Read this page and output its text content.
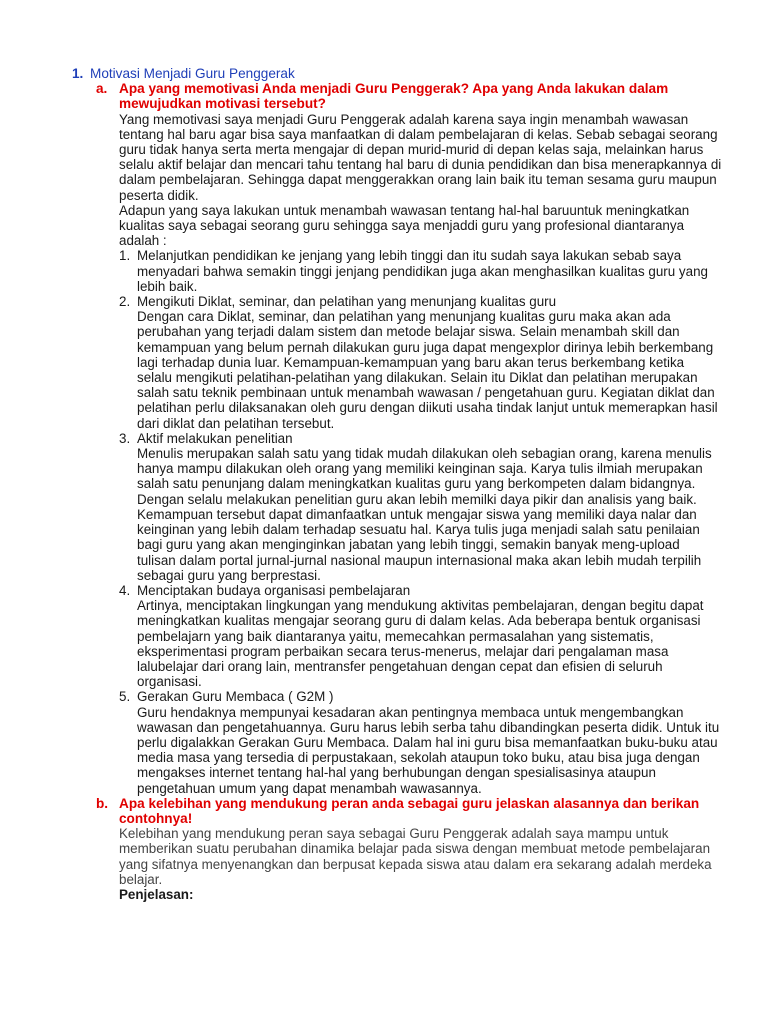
1. Motivasi Menjadi Guru Penggerak
a. Apa yang memotivasi Anda menjadi Guru Penggerak? Apa yang Anda lakukan dalam mewujudkan motivasi tersebut?
Yang memotivasi saya menjadi Guru Penggerak adalah karena saya ingin menambah wawasan tentang hal baru agar bisa saya manfaatkan di dalam pembelajaran di kelas. Sebab sebagai seorang guru tidak hanya serta merta mengajar di depan murid-murid di depan kelas saja, melainkan harus selalu aktif belajar dan mencari tahu tentang hal baru di dunia pendidikan dan bisa menerapkannya di dalam pembelajaran. Sehingga dapat menggerakkan orang lain baik itu teman sesama guru maupun peserta didik.
Adapun yang saya lakukan untuk menambah wawasan tentang hal-hal baruuntuk meningkatkan kualitas saya sebagai seorang guru sehingga saya menjaddi guru yang profesional diantaranya adalah :
1. Melanjutkan pendidikan ke jenjang yang lebih tinggi dan itu sudah saya lakukan sebab saya menyadari bahwa semakin tinggi jenjang pendidikan juga akan menghasilkan kualitas guru yang lebih baik.
2. Mengikuti Diklat, seminar, dan pelatihan yang menunjang kualitas guru
Dengan cara Diklat, seminar, dan pelatihan yang menunjang kualitas guru maka akan ada perubahan yang terjadi dalam sistem dan metode belajar siswa. Selain menambah skill dan kemampuan yang belum pernah dilakukan guru juga dapat mengexplor dirinya lebih berkembang lagi terhadap dunia luar. Kemampuan-kemampuan yang baru akan terus berkembang ketika selalu mengikuti pelatihan-pelatihan yang dilakukan. Selain itu Diklat dan pelatihan merupakan salah satu teknik pembinaan untuk menambah wawasan / pengetahuan guru. Kegiatan diklat dan pelatihan perlu dilaksanakan oleh guru dengan diikuti usaha tindak lanjut untuk memerapkan hasil dari diklat dan pelatihan tersebut.
3. Aktif melakukan penelitian
Menulis merupakan salah satu yang tidak mudah dilakukan oleh sebagian orang, karena menulis hanya mampu dilakukan oleh orang yang memiliki keinginan saja. Karya tulis ilmiah merupakan salah satu penunjang dalam meningkatkan kualitas guru yang berkompeten dalam bidangnya. Dengan selalu melakukan penelitian guru akan lebih memilki daya pikir dan analisis yang baik. Kemampuan tersebut dapat dimanfaatkan untuk mengajar siswa yang memiliki daya nalar dan keinginan yang lebih dalam terhadap sesuatu hal. Karya tulis juga menjadi salah satu penilaian bagi guru yang akan menginginkan jabatan yang lebih tinggi, semakin banyak meng-upload tulisan dalam portal jurnal-jurnal nasional maupun internasional maka akan lebih mudah terpilih sebagai guru yang berprestasi.
4. Menciptakan budaya organisasi pembelajaran
Artinya, menciptakan lingkungan yang mendukung aktivitas pembelajaran, dengan begitu dapat meningkatkan kualitas mengajar seorang guru di dalam kelas. Ada beberapa bentuk organisasi pembelajarn yang baik diantaranya yaitu, memecahkan permasalahan yang sistematis, eksperimentasi program perbaikan secara terus-menerus, melajar dari pengalaman masa lalubelajar dari orang lain, mentransfer pengetahuan dengan cepat dan efisien di seluruh organisasi.
5. Gerakan Guru Membaca ( G2M )
Guru hendaknya mempunyai kesadaran akan pentingnya membaca untuk mengembangkan wawasan dan pengetahuannya. Guru harus lebih serba tahu dibandingkan peserta didik. Untuk itu perlu digalakkan Gerakan Guru Membaca. Dalam hal ini guru bisa memanfaatkan buku-buku atau media masa yang tersedia di perpustakaan, sekolah ataupun toko buku, atau bisa juga dengan mengakses internet tentang hal-hal yang berhubungan dengan spesialisasinya ataupun pengetahuan umum yang dapat menambah wawasannya.
b. Apa kelebihan yang mendukung peran anda sebagai guru jelaskan alasannya dan berikan contohnya!
Kelebihan yang mendukung peran saya sebagai Guru Penggerak adalah saya mampu untuk memberikan suatu perubahan dinamika belajar pada siswa dengan membuat metode pembelajaran yang sifatnya menyenangkan dan berpusat kepada siswa atau dalam era sekarang adalah merdeka belajar.
Penjelasan:
